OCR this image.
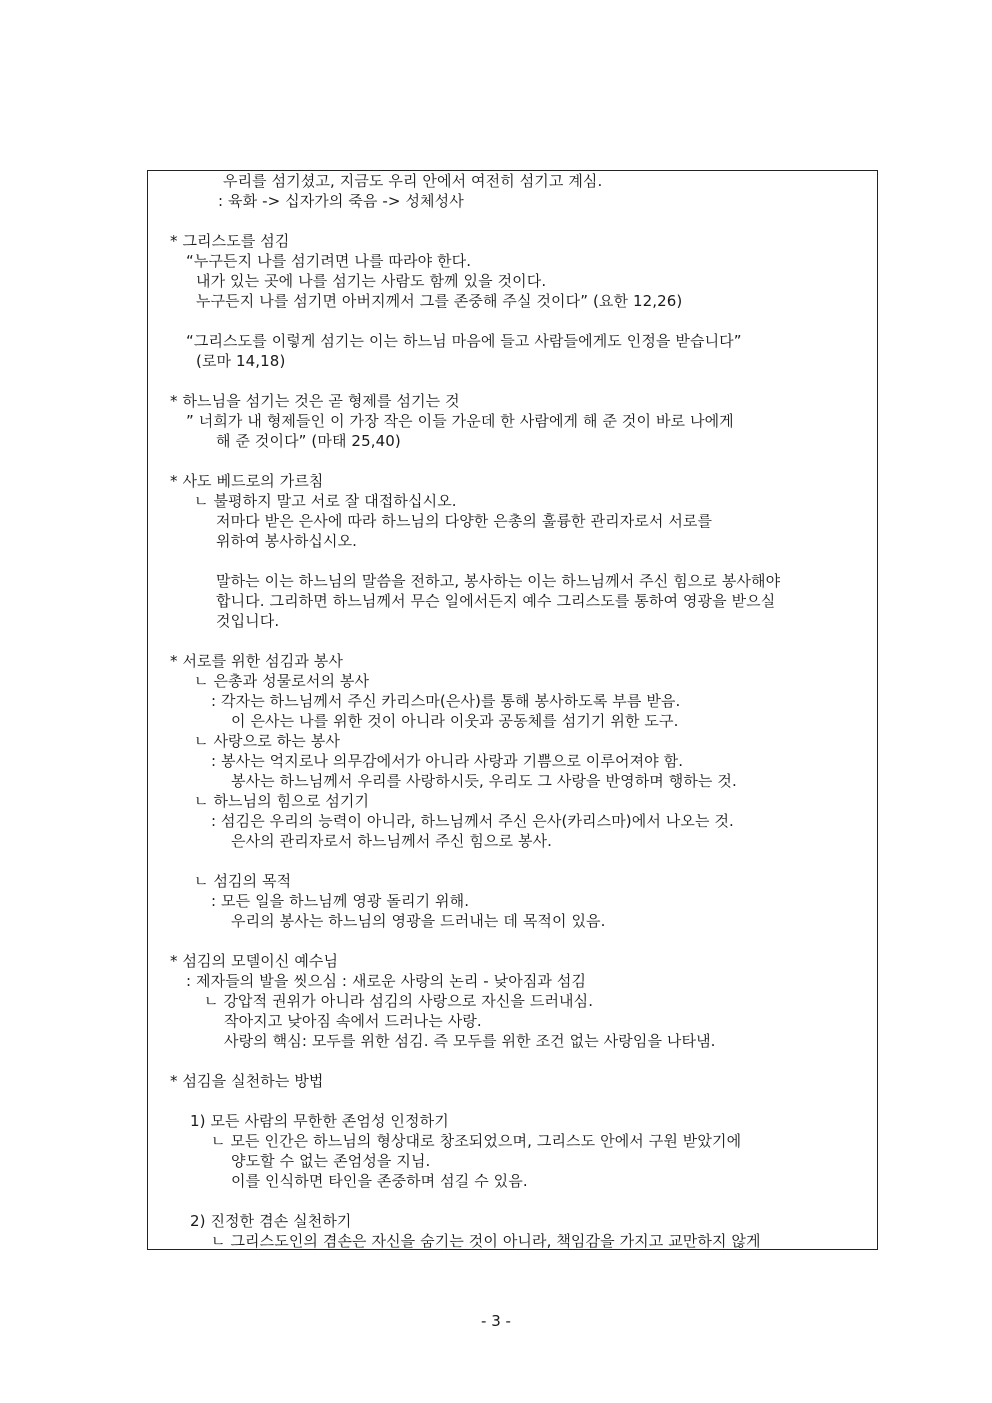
우리를 섬기셨고, 지금도 우리 안에서 여전히 섬기고 계심.
: 육화 -> 십자가의 죽음 -> 성체성사
* 그리스도를 섬김
“누구든지 나를 섬기려면 나를 따라야 한다.
내가 있는 곳에 나를 섬기는 사람도 함께 있을 것이다.
누구든지 나를 섬기면 아버지께서 그를 존중해 주실 것이다” (요한 12,26)
“그리스도를 이렇게 섬기는 이는 하느님 마음에 들고 사람들에게도 인정을 받습니다”
(로마 14,18)
* 하느님을 섬기는 것은 곧 형제를 섬기는 것
” 너희가 내 형제들인 이 가장 작은 이들 가운데 한 사람에게 해 준 것이 바로 나에게
해 준 것이다” (마태 25,40)
* 사도 베드로의 가르침
ㄴ 불평하지 말고 서로 잘 대접하십시오.
저마다 받은 은사에 따라 하느님의 다양한 은총의 훌륭한 관리자로서 서로를
위하여 봉사하십시오.
말하는 이는 하느님의 말씀을 전하고, 봉사하는 이는 하느님께서 주신 힘으로 봉사해야
합니다. 그리하면 하느님께서 무슨 일에서든지 예수 그리스도를 통하여 영광을 받으실
것입니다.
* 서로를 위한 섬김과 봉사
ㄴ 은총과 성물로서의 봉사
: 각자는 하느님께서 주신 카리스마(은사)를 통해 봉사하도록 부름 받음.
이 은사는 나를 위한 것이 아니라 이웃과 공동체를 섬기기 위한 도구.
ㄴ 사랑으로 하는 봉사
: 봉사는 억지로나 의무감에서가 아니라 사랑과 기쁨으로 이루어져야 함.
봉사는 하느님께서 우리를 사랑하시듯, 우리도 그 사랑을 반영하며 행하는 것.
ㄴ 하느님의 힘으로 섬기기
: 섬김은 우리의 능력이 아니라, 하느님께서 주신 은사(카리스마)에서 나오는 것.
은사의 관리자로서 하느님께서 주신 힘으로 봉사.
ㄴ 섬김의 목적
: 모든 일을 하느님께 영광 돌리기 위해.
우리의 봉사는 하느님의 영광을 드러내는 데 목적이 있음.
* 섬김의 모델이신 예수님
: 제자들의 발을 씻으심 : 새로운 사랑의 논리 - 낮아짐과 섬김
ㄴ 강압적 권위가 아니라 섬김의 사랑으로 자신을 드러내심.
작아지고 낮아짐 속에서 드러나는 사랑.
사랑의 핵심: 모두를 위한 섬김. 즉 모두를 위한 조건 없는 사랑임을 나타냄.
* 섬김을 실천하는 방법
1) 모든 사람의 무한한 존엄성 인정하기
ㄴ 모든 인간은 하느님의 형상대로 창조되었으며, 그리스도 안에서 구원 받았기에
양도할 수 없는 존엄성을 지님.
이를 인식하면 타인을 존중하며 섬길 수 있음.
2) 진정한 겸손 실천하기
ㄴ 그리스도인의 겸손은 자신을 숨기는 것이 아니라, 책임감을 가지고 교만하지 않게
- 3 -
